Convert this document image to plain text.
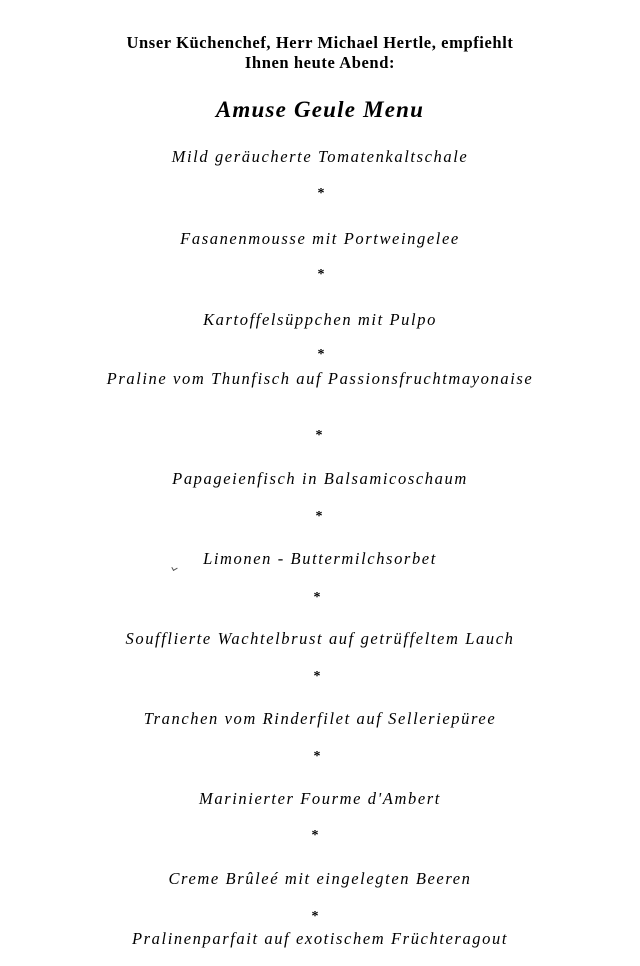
Unser Küchenchef, Herr Michael Hertle, empfiehlt
Ihnen heute Abend:
Amuse Geule Menu
Mild geräucherte Tomatenkaltschale
*
Fasanenmousse mit Portweingelee
*
Kartoffelsüppchen mit Pulpo
*
Praline vom Thunfisch auf Passionsfruchtmayonaise
*
Papageienfisch in Balsamicoschaum
*
Limonen - Buttermilchsorbet
*
Soufflierte Wachtelbrust auf getrüffeltem Lauch
*
Tranchen vom Rinderfilet auf Selleriepüree
*
Marinierter Fourme d'Ambert
*
Creme Brûleé mit eingelegten Beeren
*
Pralinenparfait auf exotischem Früchteragout
